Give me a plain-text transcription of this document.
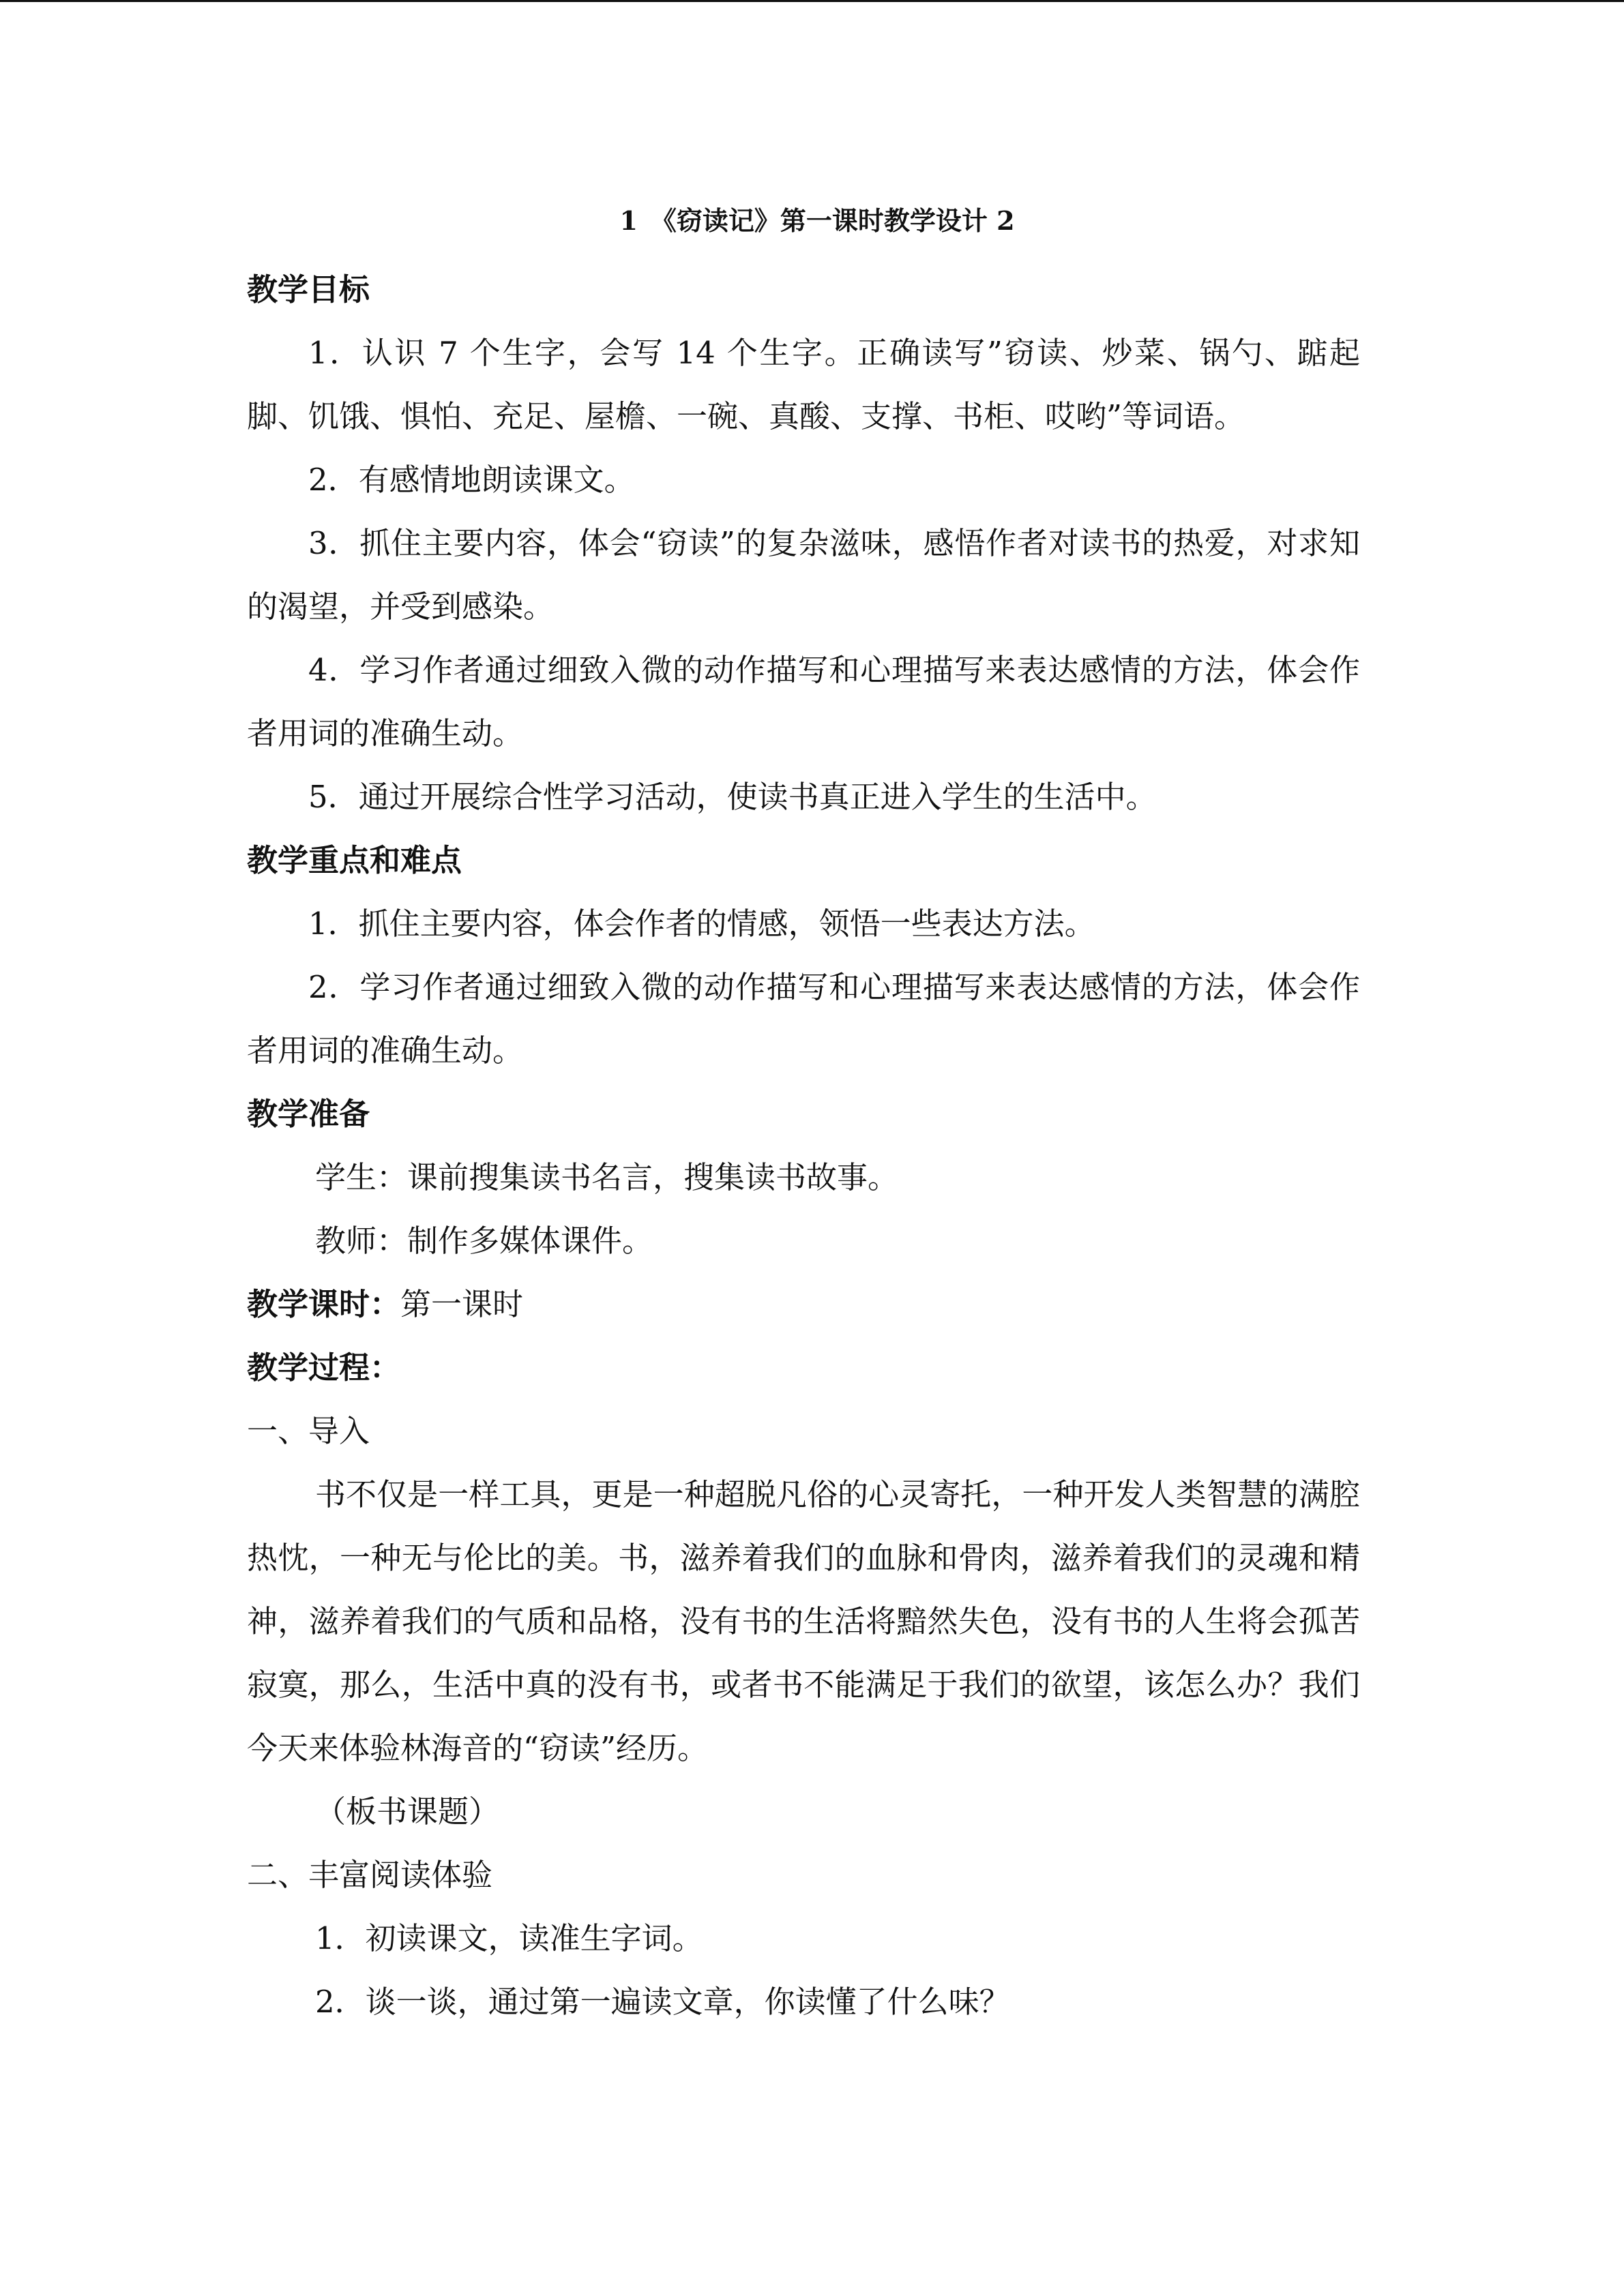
1　《窃读记》第一课时教学设计 2
教学目标
1．认识 7 个生字，会写 14 个生字。正确读写”窃读、炒菜、锅勺、踮起脚、饥饿、惧怕、充足、屋檐、一碗、真酸、支撑、书柜、哎哟”等词语。
2．有感情地朗读课文。
3．抓住主要内容，体会“窃读”的复杂滋味，感悟作者对读书的热爱，对求知的渴望，并受到感染。
4．学习作者通过细致入微的动作描写和心理描写来表达感情的方法，体会作者用词的准确生动。
5．通过开展综合性学习活动，使读书真正进入学生的生活中。
教学重点和难点
1．抓住主要内容，体会作者的情感，领悟一些表达方法。
2．学习作者通过细致入微的动作描写和心理描写来表达感情的方法，体会作者用词的准确生动。
教学准备
学生：课前搜集读书名言，搜集读书故事。
教师：制作多媒体课件。
教学课时：第一课时
教学过程：
一、导入
书不仅是一样工具，更是一种超脱凡俗的心灵寄托，一种开发人类智慧的满腔热忱，一种无与伦比的美。书，滋养着我们的血脉和骨肉，滋养着我们的灵魂和精神，滋养着我们的气质和品格，没有书的生活将黯然失色，没有书的人生将会孤苦寂寞，那么，生活中真的没有书，或者书不能满足于我们的欲望，该怎么办？我们今天来体验林海音的“窃读”经历。
（板书课题）
二、丰富阅读体验
1．初读课文，读准生字词。
2．谈一谈，通过第一遍读文章，你读懂了什么味？
